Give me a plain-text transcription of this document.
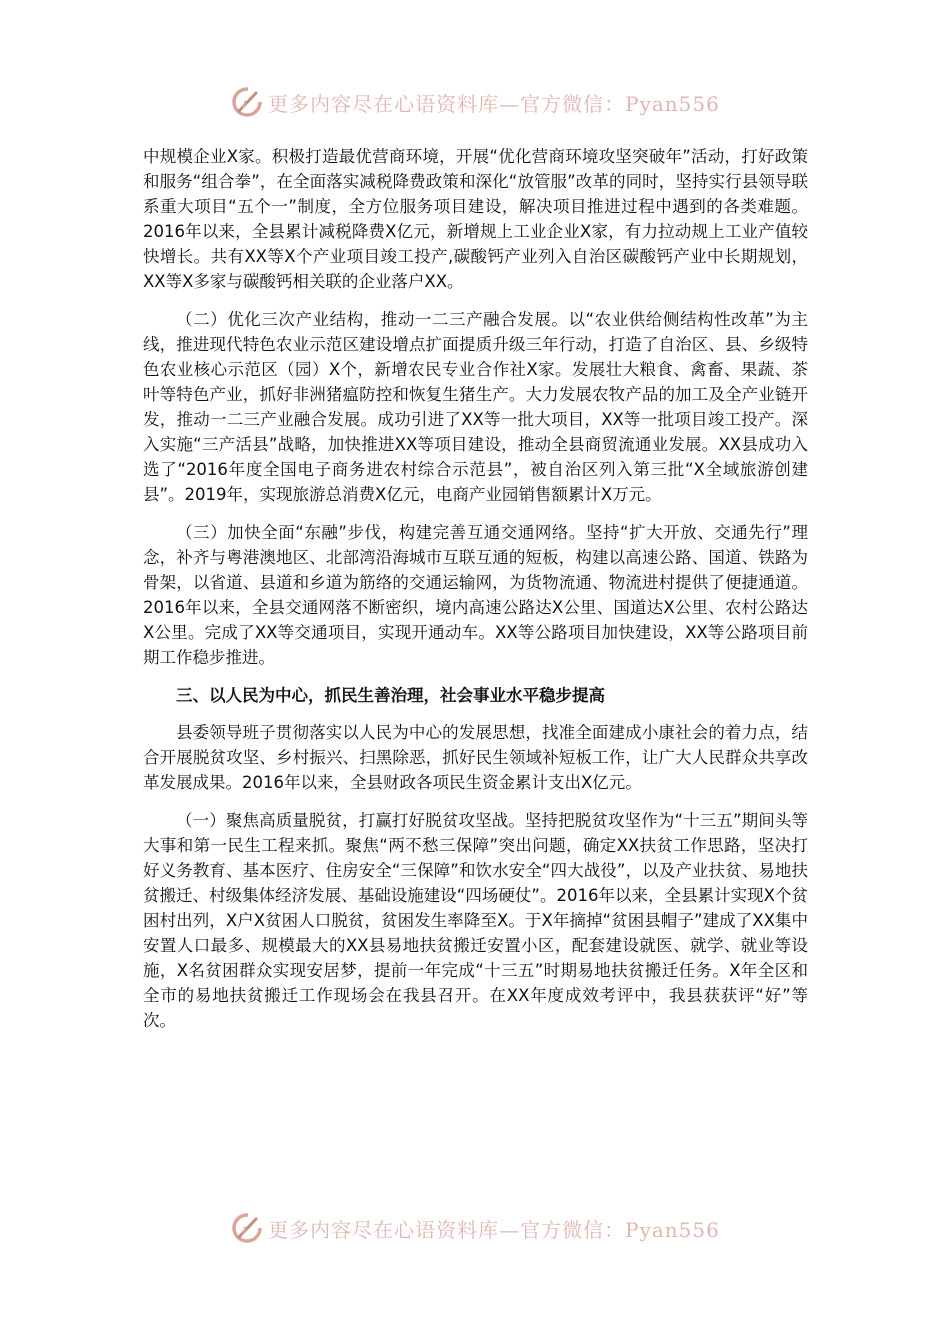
更多内容尽在心语资料库—官方微信：Pyan556

中规模企业X家。积极打造最优营商环境，开展“优化营商环境攻坚突破年”活动，打好政策和服务“组合拳”，在全面落实减税降费政策和深化“放管服”改革的同时，坚持实行县领导联系重大项目“五个一”制度，全方位服务项目建设，解决项目推进过程中遇到的各类难题。2016年以来，全县累计减税降费X亿元，新增规上工业企业X家，有力拉动规上工业产值较快增长。共有XX等X个产业项目竣工投产,碳酸钙产业列入自治区碳酸钙产业中长期规划，XX等X多家与碳酸钙相关联的企业落户XX。

（二）优化三次产业结构，推动一二三产融合发展。以“农业供给侧结构性改革”为主线，推进现代特色农业示范区建设增点扩面提质升级三年行动，打造了自治区、县、乡级特色农业核心示范区（园）X个，新增农民专业合作社X家。发展壮大粮食、禽畜、果蔬、茶叶等特色产业，抓好非洲猪瘟防控和恢复生猪生产。大力发展农牧产品的加工及全产业链开发，推动一二三产业融合发展。成功引进了XX等一批大项目，XX等一批项目竣工投产。深入实施“三产活县”战略，加快推进XX等项目建设，推动全县商贸流通业发展。XX县成功入选了“2016年度全国电子商务进农村综合示范县”，被自治区列入第三批“X全域旅游创建县”。2019年，实现旅游总消费X亿元，电商产业园销售额累计X万元。

（三）加快全面“东融”步伐，构建完善互通交通网络。坚持“扩大开放、交通先行”理念，补齐与粤港澳地区、北部湾沿海城市互联互通的短板，构建以高速公路、国道、铁路为骨架，以省道、县道和乡道为筋络的交通运输网，为货物流通、物流进村提供了便捷通道。2016年以来，全县交通网落不断密织，境内高速公路达X公里、国道达X公里、农村公路达X公里。完成了XX等交通项目，实现开通动车。XX等公路项目加快建设，XX等公路项目前期工作稳步推进。

三、以人民为中心，抓民生善治理，社会事业水平稳步提高

县委领导班子贯彻落实以人民为中心的发展思想，找准全面建成小康社会的着力点，结合开展脱贫攻坚、乡村振兴、扫黑除恶，抓好民生领域补短板工作，让广大人民群众共享改革发展成果。2016年以来，全县财政各项民生资金累计支出X亿元。

（一）聚焦高质量脱贫，打赢打好脱贫攻坚战。坚持把脱贫攻坚作为“十三五”期间头等大事和第一民生工程来抓。聚焦“两不愁三保障”突出问题，确定XX扶贫工作思路，坚决打好义务教育、基本医疗、住房安全“三保障”和饮水安全“四大战役”，以及产业扶贫、易地扶贫搬迁、村级集体经济发展、基础设施建设“四场硬仗”。2016年以来，全县累计实现X个贫困村出列，X户X贫困人口脱贫，贫困发生率降至X。于X年摘掉“贫困县帽子”建成了XX集中安置人口最多、规模最大的XX县易地扶贫搬迁安置小区，配套建设就医、就学、就业等设施，X名贫困群众实现安居梦，提前一年完成“十三五”时期易地扶贫搬迁任务。X年全区和全市的易地扶贫搬迁工作现场会在我县召开。在XX年度成效考评中，我县获获评“好”等次。

更多内容尽在心语资料库—官方微信：Pyan556
